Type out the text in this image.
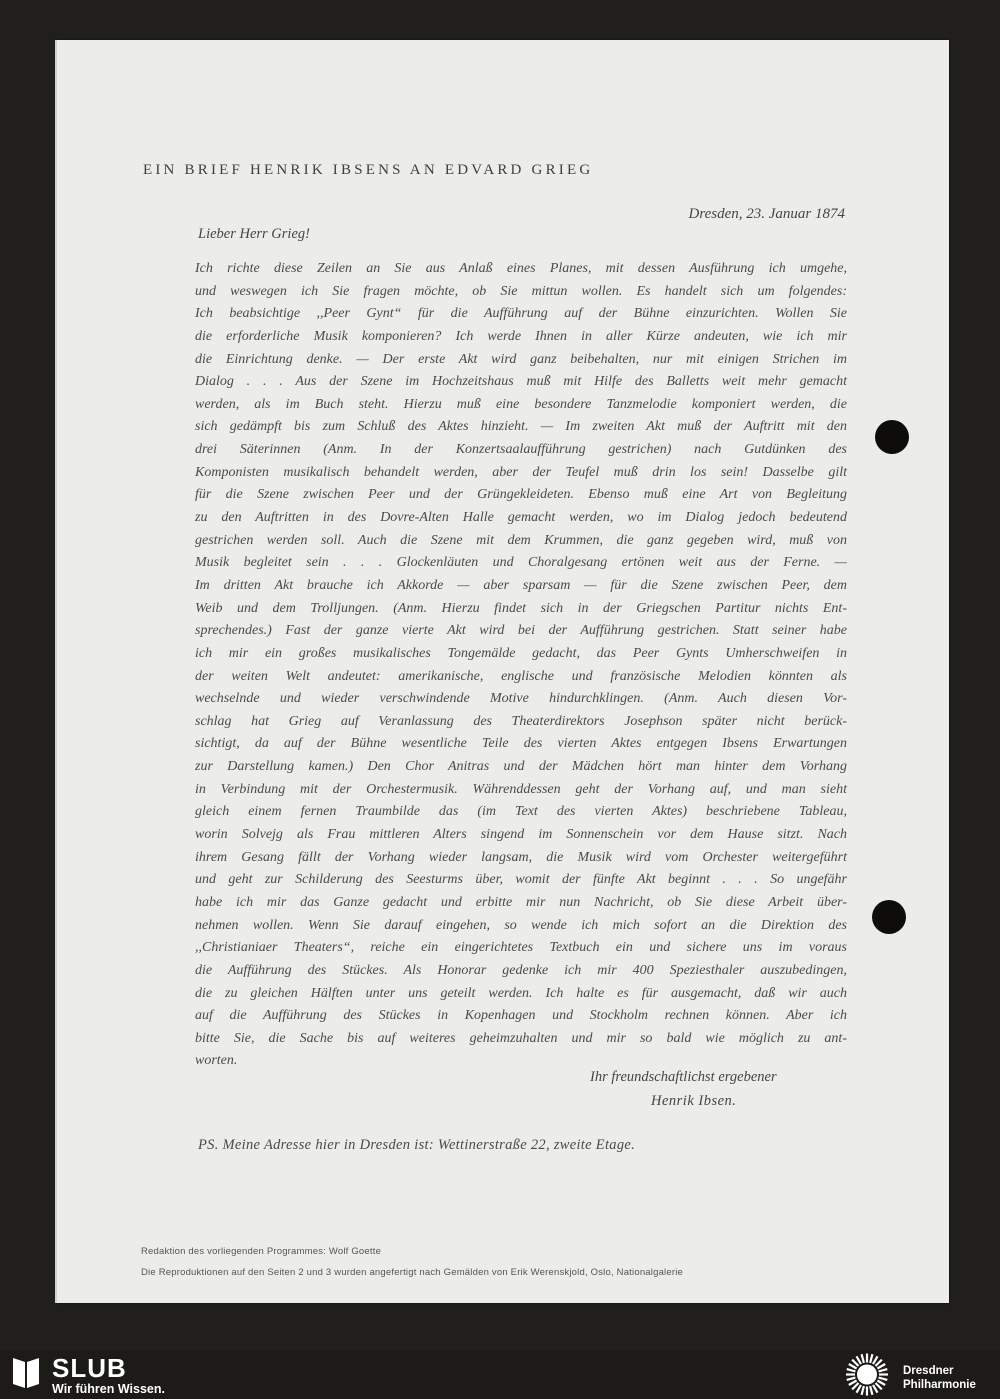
EIN BRIEF HENRIK IBSENS AN EDVARD GRIEG
Dresden, 23. Januar 1874
Lieber Herr Grieg!
Ich richte diese Zeilen an Sie aus Anlaß eines Planes, mit dessen Ausführung ich umgehe,
und weswegen ich Sie fragen möchte, ob Sie mittun wollen. Es handelt sich um folgendes:
Ich beabsichtige ,,Peer Gynt“ für die Aufführung auf der Bühne einzurichten. Wollen Sie
die erforderliche Musik komponieren? Ich werde Ihnen in aller Kürze andeuten, wie ich mir
die Einrichtung denke. — Der erste Akt wird ganz beibehalten, nur mit einigen Strichen im
Dialog . . . Aus der Szene im Hochzeitshaus muß mit Hilfe des Balletts weit mehr gemacht
werden, als im Buch steht. Hierzu muß eine besondere Tanzmelodie komponiert werden, die
sich gedämpft bis zum Schluß des Aktes hinzieht. — Im zweiten Akt muß der Auftritt mit den
drei Säterinnen (Anm. In der Konzertsaalaufführung gestrichen) nach Gutdünken des
Komponisten musikalisch behandelt werden, aber der Teufel muß drin los sein! Dasselbe gilt
für die Szene zwischen Peer und der Grüngekleideten. Ebenso muß eine Art von Begleitung
zu den Auftritten in des Dovre-Alten Halle gemacht werden, wo im Dialog jedoch bedeutend
gestrichen werden soll. Auch die Szene mit dem Krummen, die ganz gegeben wird, muß von
Musik begleitet sein . . . Glockenläuten und Choralgesang ertönen weit aus der Ferne. —
Im dritten Akt brauche ich Akkorde — aber sparsam — für die Szene zwischen Peer, dem
Weib und dem Trolljungen. (Anm. Hierzu findet sich in der Griegschen Partitur nichts Ent-
sprechendes.) Fast der ganze vierte Akt wird bei der Aufführung gestrichen. Statt seiner habe
ich mir ein großes musikalisches Tongemälde gedacht, das Peer Gynts Umherschweifen in
der weiten Welt andeutet: amerikanische, englische und französische Melodien könnten als
wechselnde und wieder verschwindende Motive hindurchklingen. (Anm. Auch diesen Vor-
schlag hat Grieg auf Veranlassung des Theaterdirektors Josephson später nicht berück-
sichtigt, da auf der Bühne wesentliche Teile des vierten Aktes entgegen Ibsens Erwartungen
zur Darstellung kamen.) Den Chor Anitras und der Mädchen hört man hinter dem Vorhang
in Verbindung mit der Orchestermusik. Währenddessen geht der Vorhang auf, und man sieht
gleich einem fernen Traumbilde das (im Text des vierten Aktes) beschriebene Tableau,
worin Solvejg als Frau mittleren Alters singend im Sonnenschein vor dem Hause sitzt. Nach
ihrem Gesang fällt der Vorhang wieder langsam, die Musik wird vom Orchester weitergeführt
und geht zur Schilderung des Seesturms über, womit der fünfte Akt beginnt . . . So ungefähr
habe ich mir das Ganze gedacht und erbitte mir nun Nachricht, ob Sie diese Arbeit über-
nehmen wollen. Wenn Sie darauf eingehen, so wende ich mich sofort an die Direktion des
,,Christianiaer Theaters“, reiche ein eingerichtetes Textbuch ein und sichere uns im voraus
die Aufführung des Stückes. Als Honorar gedenke ich mir 400 Speziesthaler auszubedingen,
die zu gleichen Hälften unter uns geteilt werden. Ich halte es für ausgemacht, daß wir auch
auf die Aufführung des Stückes in Kopenhagen und Stockholm rechnen können. Aber ich
bitte Sie, die Sache bis auf weiteres geheimzuhalten und mir so bald wie möglich zu ant-
worten.
Ihr freundschaftlichst ergebener
Henrik Ibsen.
PS. Meine Adresse hier in Dresden ist: Wettinerstraße 22, zweite Etage.
Redaktion des vorliegenden Programmes: Wolf Goette
Die Reproduktionen auf den Seiten 2 und 3 wurden angefertigt nach Gemälden von Erik Werenskjold, Oslo, Nationalgalerie
SLUB
Wir führen Wissen.
Dresdner
Philharmonie
